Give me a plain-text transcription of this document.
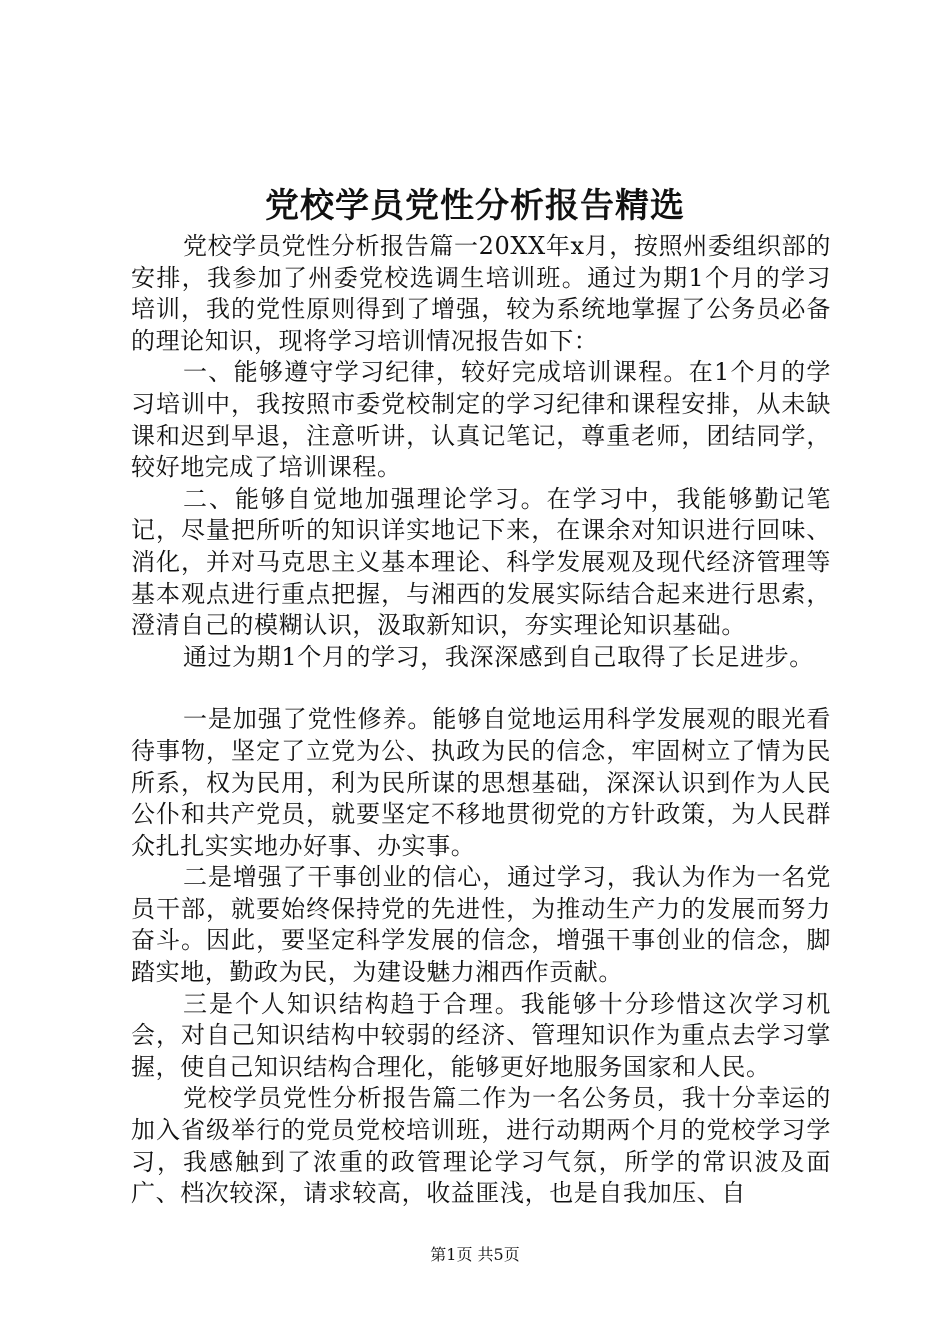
党校学员党性分析报告精选

党校学员党性分析报告篇一20XX年x月，按照州委组织部的安排，我参加了州委党校选调生培训班。通过为期1个月的学习培训，我的党性原则得到了增强，较为系统地掌握了公务员必备的理论知识，现将学习培训情况报告如下：

一、能够遵守学习纪律，较好完成培训课程。在1个月的学习培训中，我按照市委党校制定的学习纪律和课程安排，从未缺课和迟到早退，注意听讲，认真记笔记，尊重老师，团结同学，较好地完成了培训课程。

二、能够自觉地加强理论学习。在学习中，我能够勤记笔记，尽量把所听的知识详实地记下来，在课余对知识进行回味、消化，并对马克思主义基本理论、科学发展观及现代经济管理等基本观点进行重点把握，与湘西的发展实际结合起来进行思索，澄清自己的模糊认识，汲取新知识，夯实理论知识基础。

通过为期1个月的学习，我深深感到自己取得了长足进步。

一是加强了党性修养。能够自觉地运用科学发展观的眼光看待事物，坚定了立党为公、执政为民的信念，牢固树立了情为民所系，权为民用，利为民所谋的思想基础，深深认识到作为人民公仆和共产党员，就要坚定不移地贯彻党的方针政策，为人民群众扎扎实实地办好事、办实事。

二是增强了干事创业的信心，通过学习，我认为作为一名党员干部，就要始终保持党的先进性，为推动生产力的发展而努力奋斗。因此，要坚定科学发展的信念，增强干事创业的信念，脚踏实地，勤政为民，为建设魅力湘西作贡献。

三是个人知识结构趋于合理。我能够十分珍惜这次学习机会，对自己知识结构中较弱的经济、管理知识作为重点去学习掌握，使自己知识结构合理化，能够更好地服务国家和人民。

党校学员党性分析报告篇二作为一名公务员，我十分幸运的加入省级举行的党员党校培训班，进行动期两个月的党校学习学习，我感触到了浓重的政管理论学习气氛，所学的常识波及面广、档次较深，请求较高，收益匪浅，也是自我加压、自

第1页 共5页
